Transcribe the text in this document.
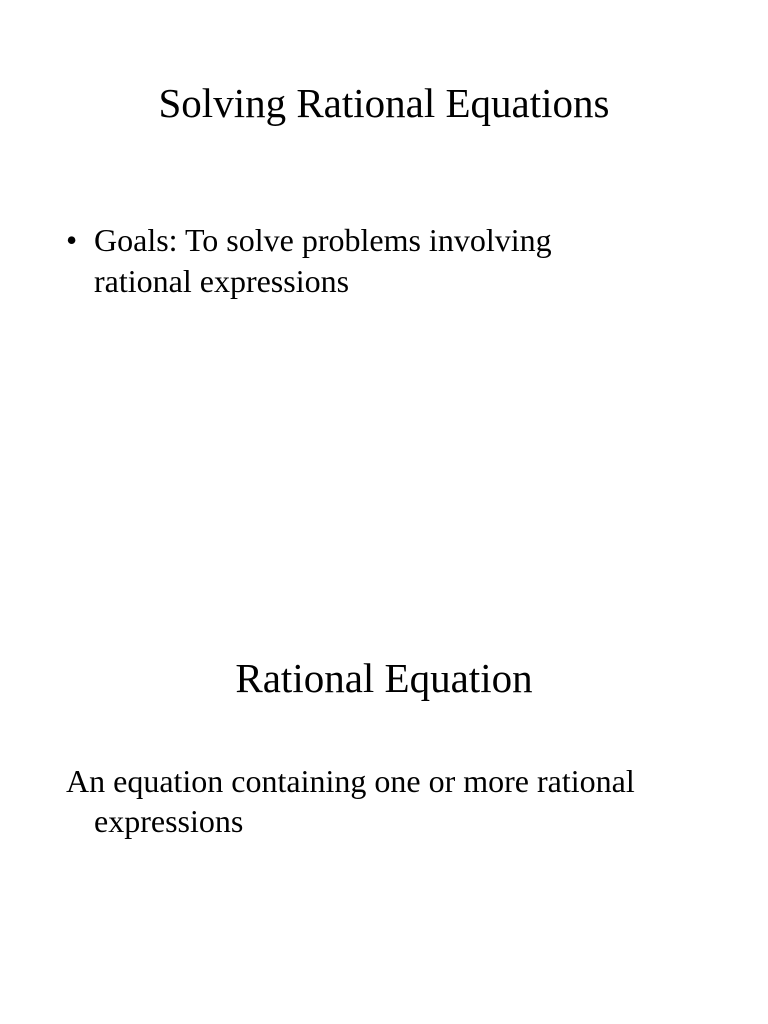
Solving Rational Equations
• Goals: To solve problems involving
rational expressions
Rational Equation

An equation containing one or more rational
expressions
